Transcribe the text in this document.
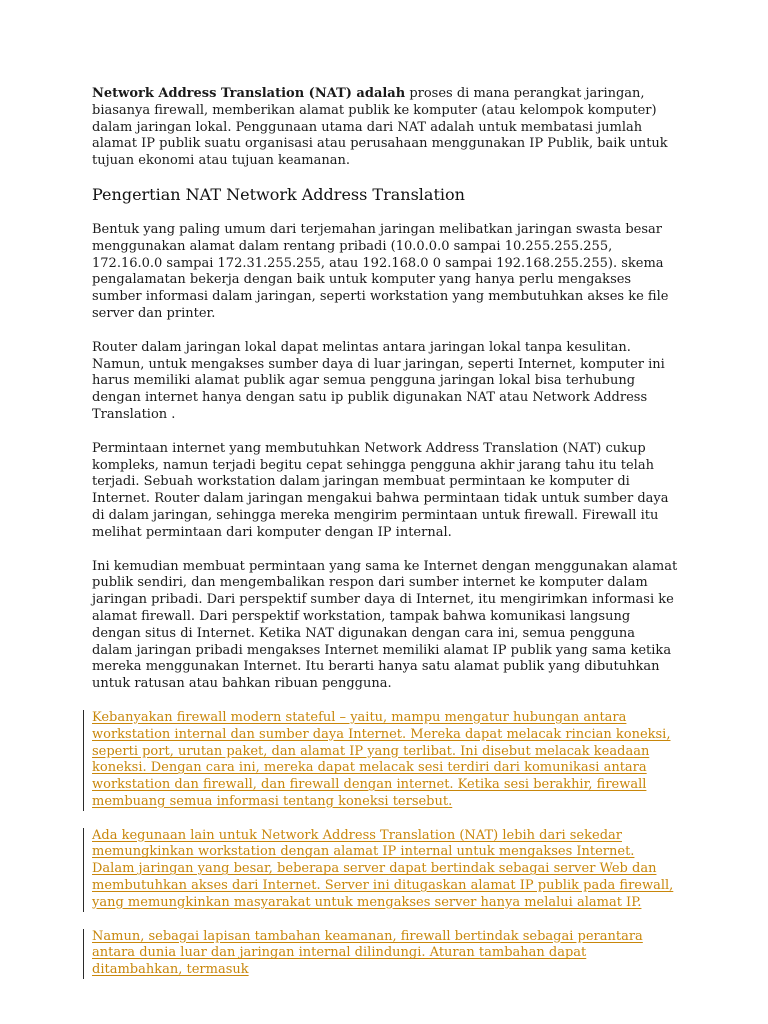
Network Address Translation (NAT) adalah proses di mana perangkat jaringan, biasanya firewall, memberikan alamat publik ke komputer (atau kelompok komputer) dalam jaringan lokal. Penggunaan utama dari NAT adalah untuk membatasi jumlah alamat IP publik suatu organisasi atau perusahaan menggunakan IP Publik, baik untuk tujuan ekonomi atau tujuan keamanan.

Pengertian NAT Network Address Translation

Bentuk yang paling umum dari terjemahan jaringan melibatkan jaringan swasta besar menggunakan alamat dalam rentang pribadi (10.0.0.0 sampai 10.255.255.255, 172.16.0.0 sampai 172.31.255.255, atau 192.168.0 0 sampai 192.168.255.255). skema pengalamatan bekerja dengan baik untuk komputer yang hanya perlu mengakses sumber informasi dalam jaringan, seperti workstation yang membutuhkan akses ke file server dan printer.

Router dalam jaringan lokal dapat melintas antara jaringan lokal tanpa kesulitan. Namun, untuk mengakses sumber daya di luar jaringan, seperti Internet, komputer ini harus memiliki alamat publik agar semua pengguna jaringan lokal bisa terhubung dengan internet hanya dengan satu ip publik digunakan NAT atau Network Address Translation .

Permintaan internet yang membutuhkan Network Address Translation (NAT) cukup kompleks, namun terjadi begitu cepat sehingga pengguna akhir jarang tahu itu telah terjadi. Sebuah workstation dalam jaringan membuat permintaan ke komputer di Internet. Router dalam jaringan mengakui bahwa permintaan tidak untuk sumber daya di dalam jaringan, sehingga mereka mengirim permintaan untuk firewall. Firewall itu melihat permintaan dari komputer dengan IP internal.

Ini kemudian membuat permintaan yang sama ke Internet dengan menggunakan alamat publik sendiri, dan mengembalikan respon dari sumber internet ke komputer dalam jaringan pribadi. Dari perspektif sumber daya di Internet, itu mengirimkan informasi ke alamat firewall. Dari perspektif workstation, tampak bahwa komunikasi langsung dengan situs di Internet. Ketika NAT digunakan dengan cara ini, semua pengguna dalam jaringan pribadi mengakses Internet memiliki alamat IP publik yang sama ketika mereka menggunakan Internet. Itu berarti hanya satu alamat publik yang dibutuhkan untuk ratusan atau bahkan ribuan pengguna.

Kebanyakan firewall modern stateful – yaitu, mampu mengatur hubungan antara workstation internal dan sumber daya Internet. Mereka dapat melacak rincian koneksi, seperti port, urutan paket, dan alamat IP yang terlibat. Ini disebut melacak keadaan koneksi. Dengan cara ini, mereka dapat melacak sesi terdiri dari komunikasi antara workstation dan firewall, dan firewall dengan internet. Ketika sesi berakhir, firewall membuang semua informasi tentang koneksi tersebut.
Ada kegunaan lain untuk Network Address Translation (NAT) lebih dari sekedar memungkinkan workstation dengan alamat IP internal untuk mengakses Internet. Dalam jaringan yang besar, beberapa server dapat bertindak sebagai server Web dan membutuhkan akses dari Internet. Server ini ditugaskan alamat IP publik pada firewall, yang memungkinkan masyarakat untuk mengakses server hanya melalui alamat IP.
Namun, sebagai lapisan tambahan keamanan, firewall bertindak sebagai perantara antara dunia luar dan jaringan internal dilindungi. Aturan tambahan dapat ditambahkan, termasuk
